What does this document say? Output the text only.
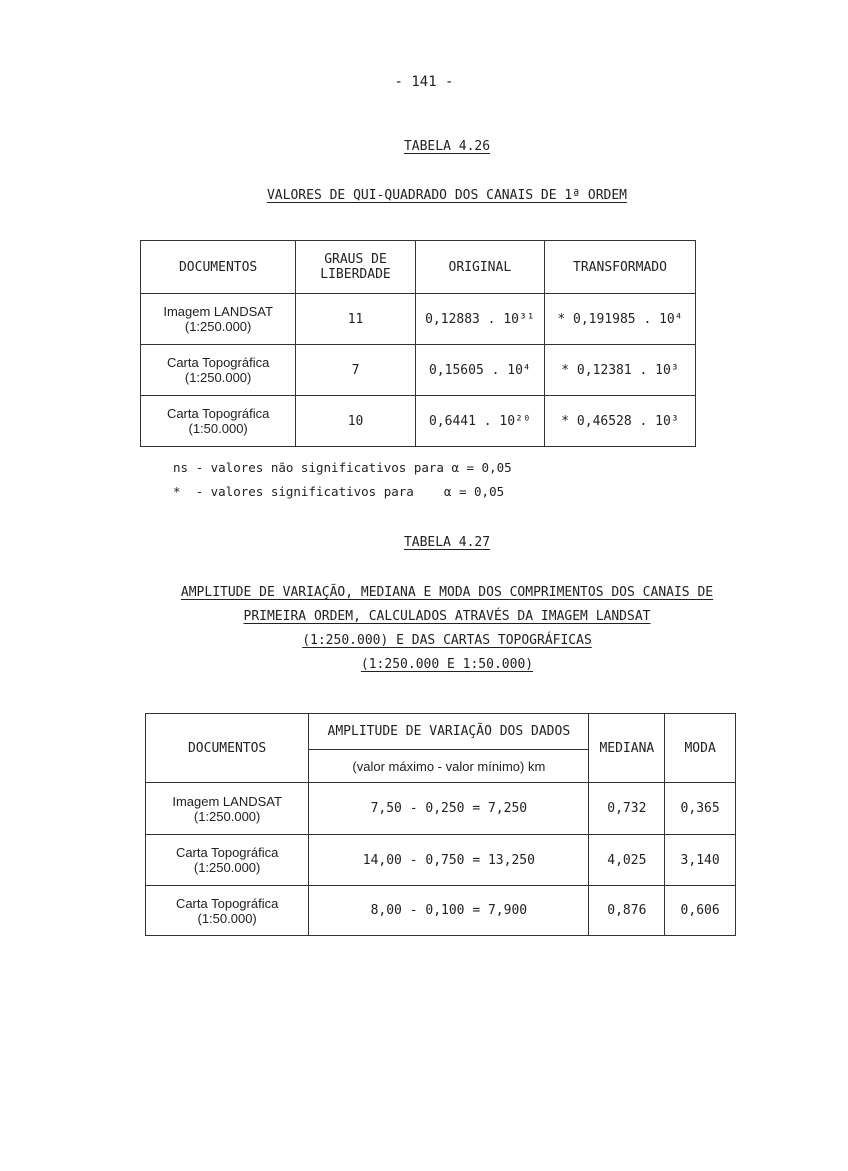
- 141 -
TABELA 4.26
VALORES DE QUI-QUADRADO DOS CANAIS DE 1ª ORDEM
DOCUMENTOS	GRAUS DE LIBERDADE	ORIGINAL	TRANSFORMADO

Imagem LANDSAT
(1:250.000)	11	0,12883 . 10³¹	* 0,191985 . 10⁴

Carta Topográfica
(1:250.000)	7	0,15605 . 10⁴	* 0,12381 . 10³

Carta Topográfica
(1:50.000)	10	0,6441 . 10²⁰	* 0,46528 . 10³
ns - valores não significativos para α = 0,05
*  - valores significativos para    α = 0,05
TABELA 4.27
AMPLITUDE DE VARIAÇÃO, MEDIANA E MODA DOS COMPRIMENTOS DOS CANAIS DE
PRIMEIRA ORDEM, CALCULADOS ATRAVÉS DA IMAGEM LANDSAT
(1:250.000) E DAS CARTAS TOPOGRÁFICAS
(1:250.000 E 1:50.000)
DOCUMENTOS	AMPLITUDE DE VARIAÇÃO DOS DADOS	MEDIANA	MODA
	(valor máximo - valor mínimo) km		

Imagem LANDSAT
(1:250.000)	7,50 - 0,250 = 7,250	0,732	0,365

Carta Topográfica
(1:250.000)	14,00 - 0,750 = 13,250	4,025	3,140

Carta Topográfica
(1:50.000)	8,00 - 0,100 = 7,900	0,876	0,606
